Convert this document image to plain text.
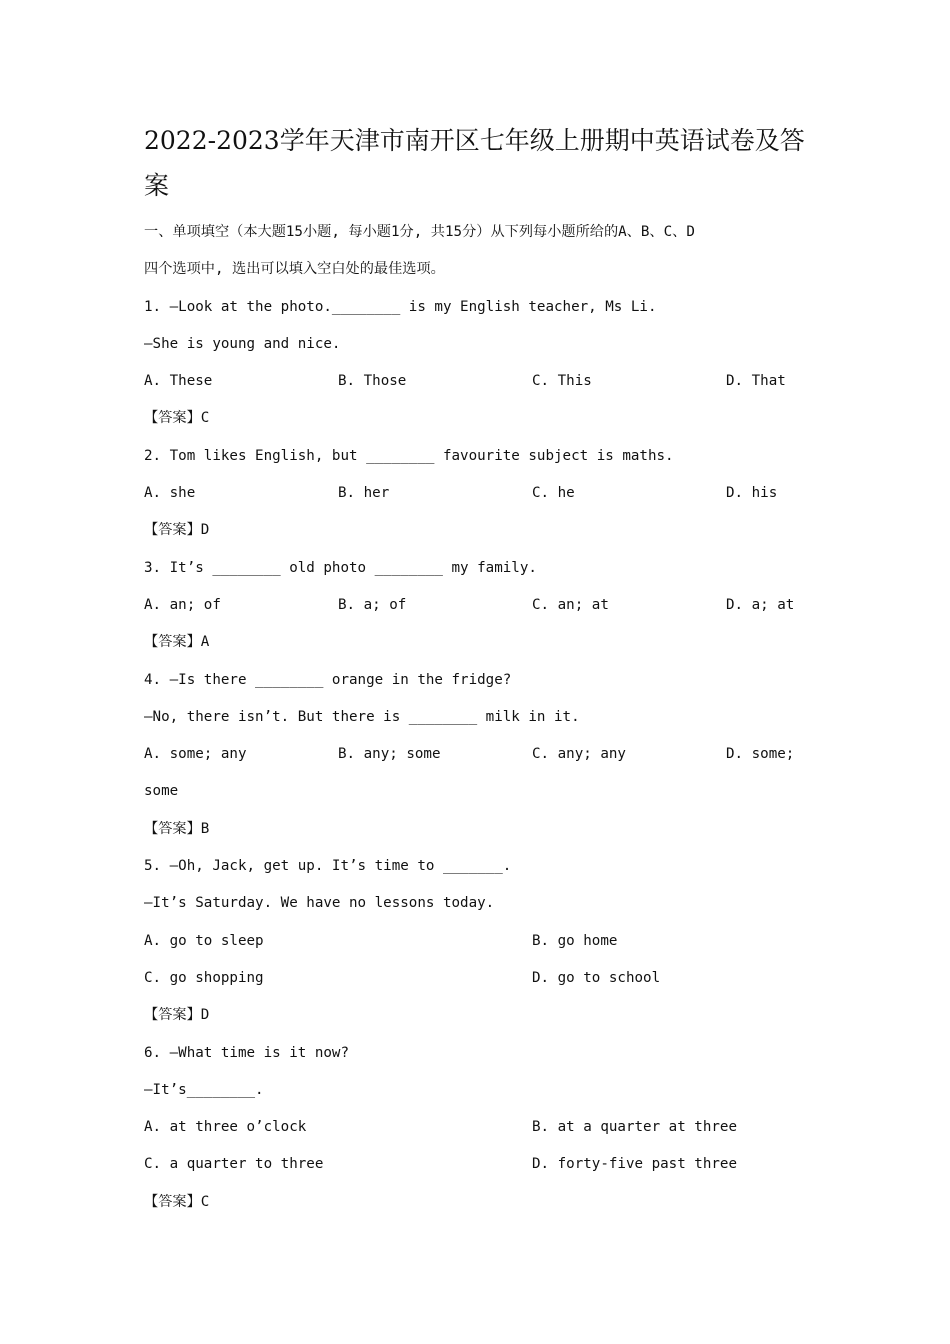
2022-2023学年天津市南开区七年级上册期中英语试卷及答案
一、单项填空（本大题15小题, 每小题1分, 共15分）从下列每小题所给的A、B、C、D
四个选项中, 选出可以填入空白处的最佳选项。
1. —Look at the photo.________ is my English teacher, Ms Li.
—She is young and nice.
A. These	B. Those	C. This	D. That
【答案】C
2. Tom likes English, but ________ favourite subject is maths.
A. she	B. her	C. he	D. his
【答案】D
3. It’s ________ old photo ________ my family.
A. an; of	B. a; of	C. an; at	D. a; at
【答案】A
4. —Is there ________ orange in the fridge?
—No, there isn’t. But there is ________ milk in it.
A. some; any	B. any; some	C. any; any	D. some;
some
【答案】B
5. —Oh, Jack, get up. It’s time to _______.
—It’s Saturday. We have no lessons today.
A. go to sleep	B. go home
C. go shopping	D. go to school
【答案】D
6. —What time is it now?
—It’s________.
A. at three o’clock	B. at a quarter at three
C. a quarter to three	D. forty-five past three
【答案】C
